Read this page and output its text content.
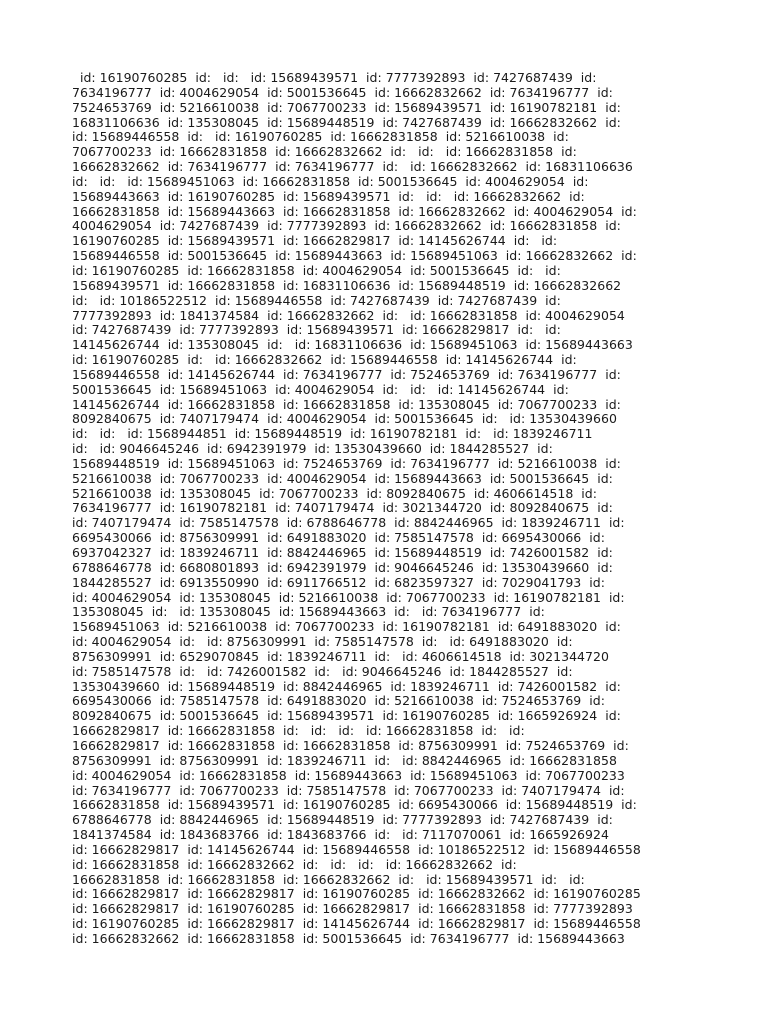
id: 16190760285  id:   id:   id: 15689439571  id: 7777392893  id: 7427687439  id:
7634196777  id: 4004629054  id: 5001536645  id: 16662832662  id: 7634196777  id:
7524653769  id: 5216610038  id: 7067700233  id: 15689439571  id: 16190782181  id:
16831106636  id: 135308045  id: 15689448519  id: 7427687439  id: 16662832662  id:
id: 15689446558  id:   id: 16190760285  id: 16662831858  id: 5216610038  id:
7067700233  id: 16662831858  id: 16662832662  id:   id:   id: 16662831858  id:
16662832662  id: 7634196777  id: 7634196777  id:   id: 16662832662  id: 16831106636
id:   id:   id: 15689451063  id: 16662831858  id: 5001536645  id: 4004629054  id:
15689443663  id: 16190760285  id: 15689439571  id:   id:   id: 16662832662  id:
16662831858  id: 15689443663  id: 16662831858  id: 16662832662  id: 4004629054  id:
4004629054  id: 7427687439  id: 7777392893  id: 16662832662  id: 16662831858  id:
16190760285  id: 15689439571  id: 16662829817  id: 14145626744  id:   id:
15689446558  id: 5001536645  id: 15689443663  id: 15689451063  id: 16662832662  id:
id: 16190760285  id: 16662831858  id: 4004629054  id: 5001536645  id:   id:
15689439571  id: 16662831858  id: 16831106636  id: 15689448519  id: 16662832662
id:   id: 10186522512  id: 15689446558  id: 7427687439  id: 7427687439  id:
7777392893  id: 1841374584  id: 16662832662  id:   id: 16662831858  id: 4004629054
id: 7427687439  id: 7777392893  id: 15689439571  id: 16662829817  id:   id:
14145626744  id: 135308045  id:   id: 16831106636  id: 15689451063  id: 15689443663
id: 16190760285  id:   id: 16662832662  id: 15689446558  id: 14145626744  id:
15689446558  id: 14145626744  id: 7634196777  id: 7524653769  id: 7634196777  id:
5001536645  id: 15689451063  id: 4004629054  id:   id:   id: 14145626744  id:
14145626744  id: 16662831858  id: 16662831858  id: 135308045  id: 7067700233  id:
8092840675  id: 7407179474  id: 4004629054  id: 5001536645  id:   id: 13530439660
id:   id:   id: 1568944851  id: 15689448519  id: 16190782181  id:   id: 1839246711
id:   id: 9046645246  id: 6942391979  id: 13530439660  id: 1844285527  id:
15689448519  id: 15689451063  id: 7524653769  id: 7634196777  id: 5216610038  id:
5216610038  id: 7067700233  id: 4004629054  id: 15689443663  id: 5001536645  id:
5216610038  id: 135308045  id: 7067700233  id: 8092840675  id: 4606614518  id:
7634196777  id: 16190782181  id: 7407179474  id: 3021344720  id: 8092840675  id:
id: 7407179474  id: 7585147578  id: 6788646778  id: 8842446965  id: 1839246711  id:
6695430066  id: 8756309991  id: 6491883020  id: 7585147578  id: 6695430066  id:
6937042327  id: 1839246711  id: 8842446965  id: 15689448519  id: 7426001582  id:
6788646778  id: 6680801893  id: 6942391979  id: 9046645246  id: 13530439660  id:
1844285527  id: 6913550990  id: 6911766512  id: 6823597327  id: 7029041793  id:
id: 4004629054  id: 135308045  id: 5216610038  id: 7067700233  id: 16190782181  id:
135308045  id:   id: 135308045  id: 15689443663  id:   id: 7634196777  id:
15689451063  id: 5216610038  id: 7067700233  id: 16190782181  id: 6491883020  id:
id: 4004629054  id:   id: 8756309991  id: 7585147578  id:   id: 6491883020  id:
8756309991  id: 6529070845  id: 1839246711  id:   id: 4606614518  id: 3021344720
id: 7585147578  id:   id: 7426001582  id:   id: 9046645246  id: 1844285527  id:
13530439660  id: 15689448519  id: 8842446965  id: 1839246711  id: 7426001582  id:
6695430066  id: 7585147578  id: 6491883020  id: 5216610038  id: 7524653769  id:
8092840675  id: 5001536645  id: 15689439571  id: 16190760285  id: 1665926924  id:
16662829817  id: 16662831858  id:   id:   id:   id: 16662831858  id:   id:
16662829817  id: 16662831858  id: 16662831858  id: 8756309991  id: 7524653769  id:
8756309991  id: 8756309991  id: 1839246711  id:   id: 8842446965  id: 16662831858
id: 4004629054  id: 16662831858  id: 15689443663  id: 15689451063  id: 7067700233
id: 7634196777  id: 7067700233  id: 7585147578  id: 7067700233  id: 7407179474  id:
16662831858  id: 15689439571  id: 16190760285  id: 6695430066  id: 15689448519  id:
6788646778  id: 8842446965  id: 15689448519  id: 7777392893  id: 7427687439  id:
1841374584  id: 1843683766  id: 1843683766  id:   id: 7117070061  id: 1665926924
id: 16662829817  id: 14145626744  id: 15689446558  id: 10186522512  id: 15689446558
id: 16662831858  id: 16662832662  id:   id:   id:   id: 16662832662  id:
16662831858  id: 16662831858  id: 16662832662  id:   id: 15689439571  id:   id:
id: 16662829817  id: 16662829817  id: 16190760285  id: 16662832662  id: 16190760285
id: 16662829817  id: 16190760285  id: 16662829817  id: 16662831858  id: 7777392893
id: 16190760285  id: 16662829817  id: 14145626744  id: 16662829817  id: 15689446558
id: 16662832662  id: 16662831858  id: 5001536645  id: 7634196777  id: 15689443663
